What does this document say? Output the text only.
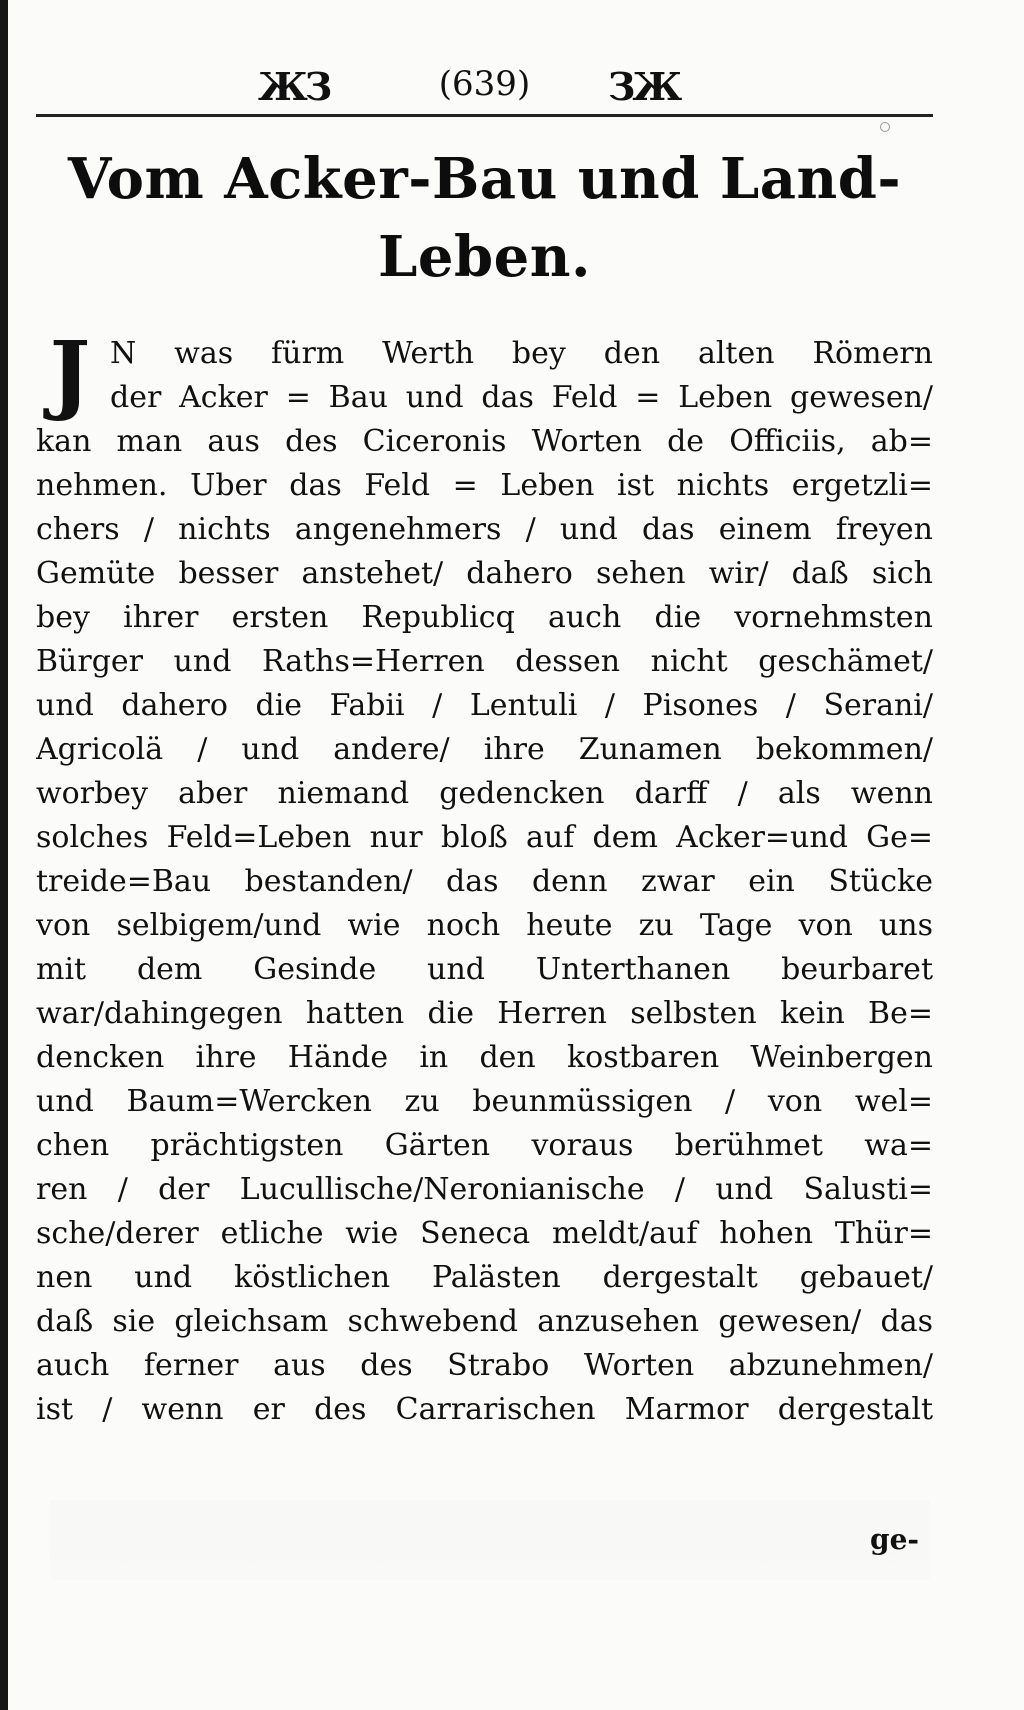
ЖЗ	(639)	ЗЖ
Vom Acker-Bau und Land-
Leben.
J N was fürm Werth bey den alten Römern
der Acker = Bau und das Feld = Leben gewesen/
kan man aus des Ciceronis Worten de Officiis, ab=
nehmen. Uber das Feld = Leben ist nichts ergetzli=
chers / nichts angenehmers / und das einem freyen
Gemüte besser anstehet/ dahero sehen wir/ daß sich
bey ihrer ersten Republicq auch die vornehmsten
Bürger und Raths=Herren dessen nicht geschämet/
und dahero die Fabii / Lentuli / Pisones / Serani/
Agricolä / und andere/ ihre Zunamen bekommen/
worbey aber niemand gedencken darff / als wenn
solches Feld=Leben nur bloß auf dem Acker=und Ge=
treide=Bau bestanden/ das denn zwar ein Stücke
von selbigem/und wie noch heute zu Tage von uns
mit dem Gesinde und Unterthanen beurbaret
war/dahingegen hatten die Herren selbsten kein Be=
dencken ihre Hände in den kostbaren Weinbergen
und Baum=Wercken zu beunmüssigen / von wel=
chen prächtigsten Gärten voraus berühmet wa=
ren / der Lucullische/Neronianische / und Salusti=
sche/derer etliche wie Seneca meldt/auf hohen Thür=
nen und köstlichen Palästen dergestalt gebauet/
daß sie gleichsam schwebend anzusehen gewesen/ das
auch ferner aus des Strabo Worten abzunehmen/
ist / wenn er des Carrarischen Marmor dergestalt
ge-
